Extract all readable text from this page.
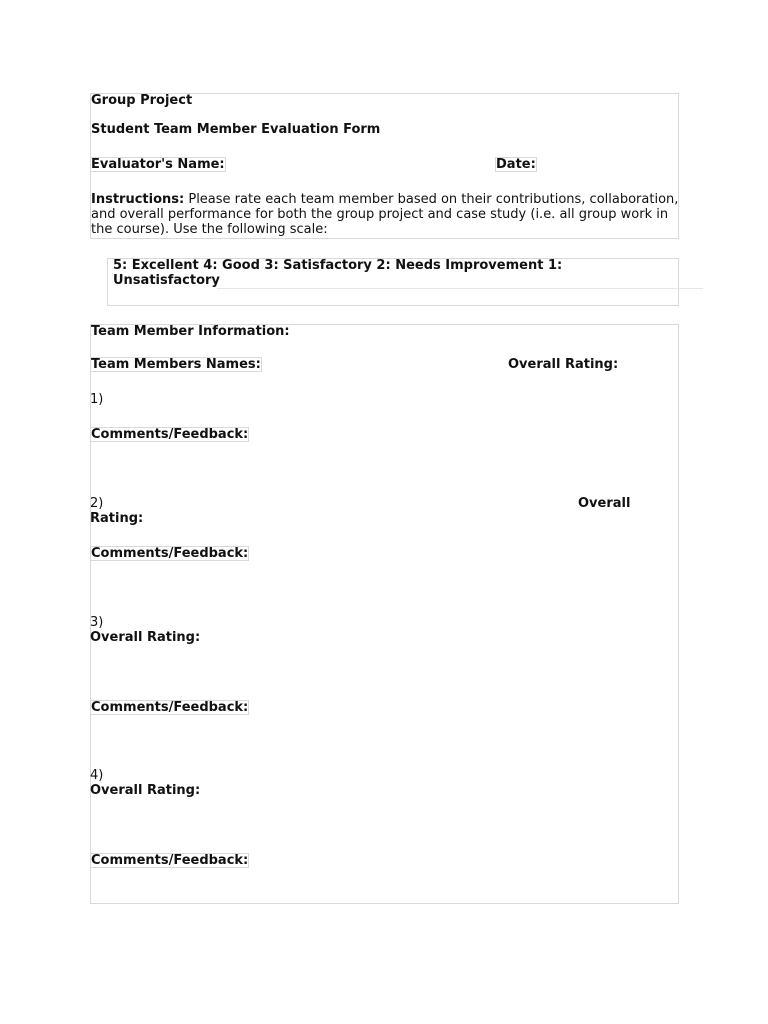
Group Project
Student Team Member Evaluation Form
Evaluator's Name:	Date:
Instructions: Please rate each team member based on their contributions, collaboration, and overall performance for both the group project and case study (i.e. all group work in the course). Use the following scale:
5: Excellent 4: Good 3: Satisfactory 2: Needs Improvement 1:
Unsatisfactory
Team Member Information:
Team Members Names:	Overall Rating:
1)
Comments/Feedback:
2)	Overall
Rating:
Comments/Feedback:
3)
Overall Rating:
Comments/Feedback:
4)
Overall Rating:
Comments/Feedback:
